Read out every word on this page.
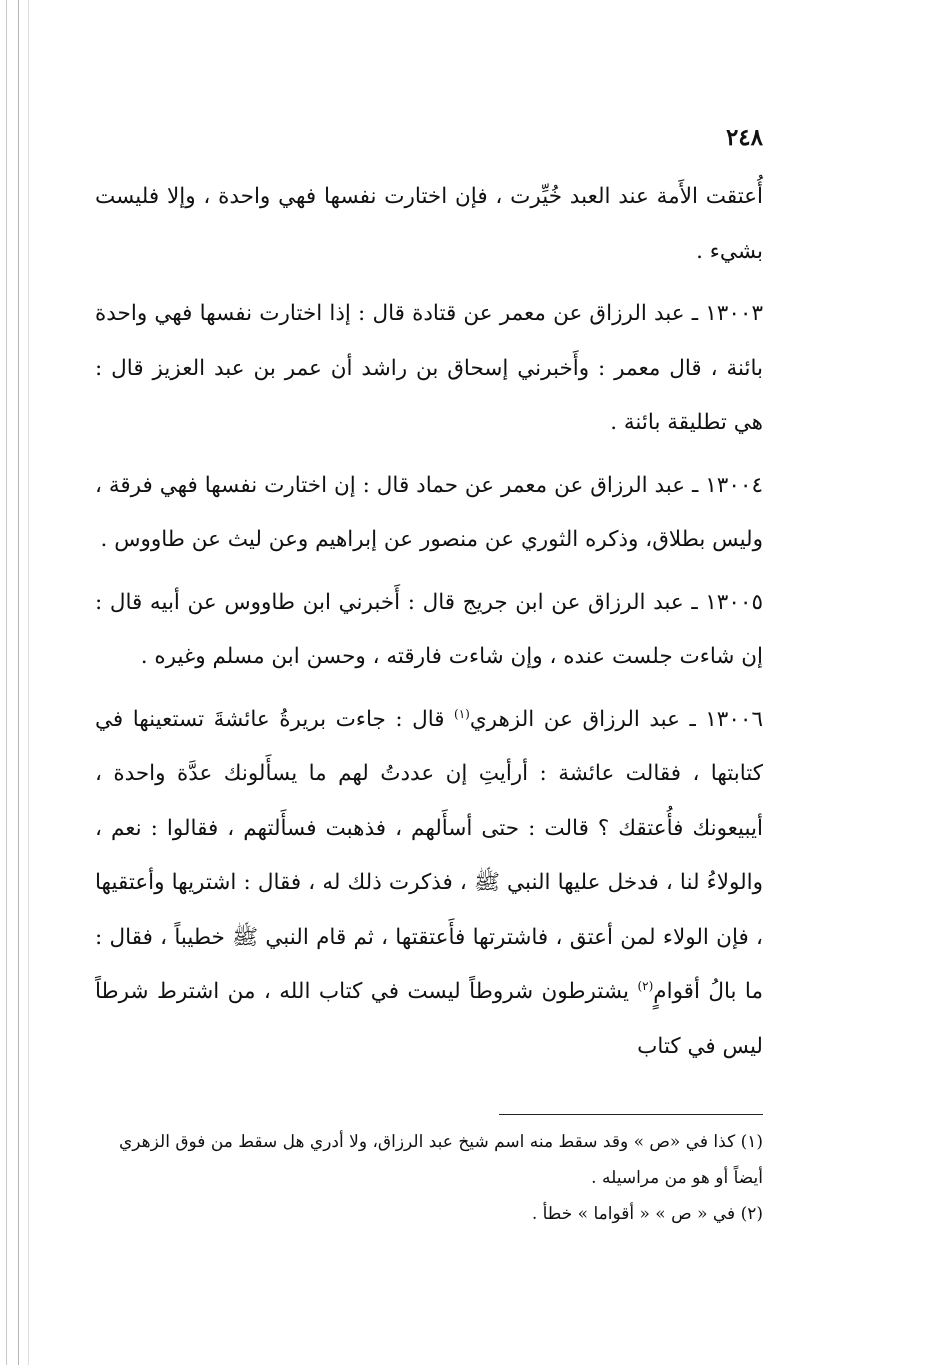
٢٤٨

أُعتقت الأَمة عند العبد خُيِّرت ، فإن اختارت نفسها فهي واحدة ، وإلا فليست بشيء .

١٣٠٠٣ ـ عبد الرزاق عن معمر عن قتادة قال : إذا اختارت نفسها فهي واحدة بائنة ، قال معمر : وأَخبرني إسحاق بن راشد أن عمر بن عبد العزيز قال : هي تطليقة بائنة .

١٣٠٠٤ ـ عبد الرزاق عن معمر عن حماد قال : إن اختارت نفسها فهي فرقة ، وليس بطلاق، وذكره الثوري عن منصور عن إبراهيم وعن ليث عن طاووس .

١٣٠٠٥ ـ عبد الرزاق عن ابن جريج قال : أَخبرني ابن طاووس عن أبيه قال : إن شاءت جلست عنده ، وإن شاءت فارقته ، وحسن ابن مسلم وغيره .

١٣٠٠٦ ـ عبد الرزاق عن الزهري$^{(١)}$ قال : جاءت بريرةُ عائشةَ تستعينها في كتابتها ، فقالت عائشة : أرأيتِ إن عددتُ لهم ما يسأَلونك عدَّة واحدة ، أيبيعونك فأُعتقك ؟ قالت : حتى أسأَلهم ، فذهبت فسأَلتهم ، فقالوا : نعم ، والولاءُ لنا ، فدخل عليها النبي ﷺ ، فذكرت ذلك له ، فقال : اشتريها وأعتقيها ، فإن الولاء لمن أعتق ، فاشترتها فأَعتقتها ، ثم قام النبي ﷺ خطيباً ، فقال : ما بالُ أقوامٍ$^{(٢)}$ يشترطون شروطاً ليست في كتاب الله ، من اشترط شرطاً ليس في كتاب

(١) كذا في «ص » وقد سقط منه اسم شيخ عبد الرزاق، ولا أدري هل سقط من فوق الزهري أيضاً أو هو من مراسيله .

(٢) في « ص » « أقواما » خطأ .
